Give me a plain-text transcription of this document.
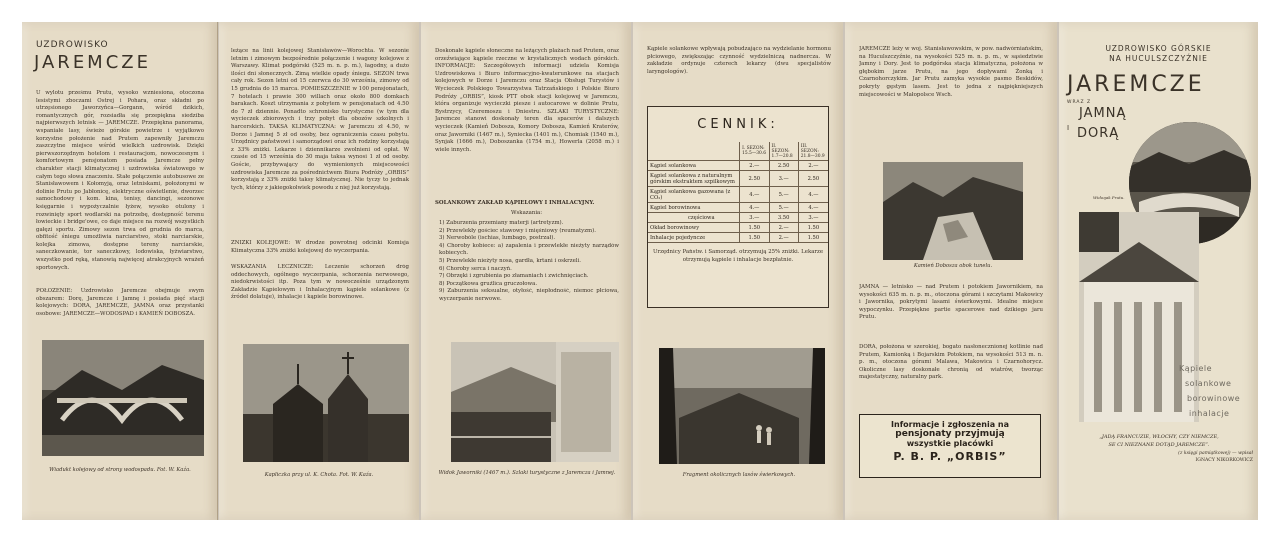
UZDROWISKO
JAREMCZE
U wylotu prześmu Prutu, wysoko wzniesiona, otoczona lesistymi zboczami Ostrej i Pohara, oraz składni po utrzęsionego Jaworzyńca—Gorgann, wśród dzikich, romantycznych gór, rozsiadła się przepiękna siedziba najpierwszych letnisk — JAREMCZE. Przepiękna panorama, wspaniałe lasy, świeże górskie powietrze i wyjątkowo korzystne położenie nad Prutem zapewniły Jaremczu zaszczytne miejsce wśród wielkich uzdrowisk. Dzięki pierwszorzędnym hotelom i restauracjom, nowoczesnym i komfortowym pensjonatom posiada Jaremcze pełny charakter stacji klimatycznej i uzdrowiska światowego w całym tego słowa znaczeniu. Stałe połączenie autobusowe ze Stanisławowem i Kołomyją, oraz letniskami, położonymi w dolinie Prutu po Jabłonicę, elektryczne oświetlenie, dworzec samochodowy i kom. kina, tenisy, dancingi, sezonowe księgarnie i wypożyczalnie łyżew, wysoko otulony i rozwinięty sport wodlarski na potrzebę, dostępność terenu łowieckie i bridge'owe, co daje miejsce na rozwój wszystkich gałęzi sportu. Zimowy sezon trwa od grudnia do marca, obfitość śniegu umożliwia narciarstwo, stoki narciarskie, kolejka zimowa, dostępne tereny narciarskie, saneczkowanie, tor saneczkowy, lodowiska, łyżwiarstwo, wszystko pod ręką, stanowią najwięcej atrakcyjnych wrażeń sportowych.
POŁOŻENIE: Uzdrowisko Jaremcze obejmuje swym obszarem: Dorę, Jaremcze i Jamnę i posiada pięć stacji kolejowych: DORA, JAREMCZE, JAMNA oraz przystanki osobowe: JAREMCZE—WODOSPAD i KAMIEŃ DOBOSZA.
Wiadukt kolejowy od strony wodospadu. Fot. W. Kaźa.
leżące na linii kolejowej Stanisławów—Worochta. W sezonie letnim i zimowym bezpośrednie połączenie i wagony kolejowe z Warszawy. Klimat podgórski (525 m. n. p. m.), łagodny, a dużo ilości dni słonecznych. Zimą wielkie opady śniegu. SEZON trwa cały rok. Sezon letni od 15 czerwca do 30 września, zimowy od 15 grudnia do 15 marca. POMIESZCZENIE w 100 pensjonatach, 7 hotelach i prawie 300 willach oraz około 800 domkach barakach. Koszt utrzymania z pobytem w pensjonatach od 4.50 do 7 zł dziennie. Ponadto schronisko turystyczne (w tym dla wycieczek zbiorowych i trzy pobyt dla obozów szkolnych i harcerskich. TAKSA KLIMATYCZNA: w Jaremczu zł 4.50, w Dorze i Jamnej 5 zł od osoby, bez ograniczenia czasu pobytu. Urzędnicy państwowi i samorządowi oraz ich rodziny korzystają z 33% zniżki. Lekarze i dziennikarze zwolnieni od opłat. W czasie od 15 września do 30 maja taksa wynosi 1 zł od osoby. Goście, przybywający do wymienionych miejscowości uzdrowiska Jaremcze za pośrednictwem Biura Podróży „ORBIS” korzystają z 33% zniżki taksy klimatycznej. Nie tyczy to jednak tych, którzy z jakiegokolwiek powodu z niej już korzystają.
ZNIŻKI KOLEJOWE: W drodze powrotnej odcinki Komisja Klimatyczna 33% zniżki kolejowej do wyczerpania.
WSKAZANIA LECZNICZE: Leczenie schorzeń dróg oddechowych, ogólnego wyczerpania, schorzenia nerwowego, niedokrwistości itp. Poza tym w nowocześnie urządzonym Zakładzie Kąpielowym i Inhalacyjnym kąpiele solankowe (z źródeł dolatuje), inhalacje i kąpiele borowinowe.
Kapliczka przy ul. K. Chota. Fot. W. Kaźa.
Doskonałe kąpiele słoneczne na leżących plażach nad Prutem, oraz orzeźwiające kąpiele rzeczne w krystalicznych wodach górskich. INFORMACJE: Szczegółowych informacji udziela Komisja Uzdrowiskowa i Biuro informacyjno-kwaterunkowe na stacjach kolejowych w Dorze i Jaremczu oraz Stacja Obsługi Turystów i Wycieczek Polskiego Towarzystwa Tatrzańskiego i Polskie Biuro Podróży „ORBIS”, kiosk PTT obok stacji kolejowej w Jaremczu, która organizuje wycieczki piesze i autocarowe w dolinie Prutu, Bystrzycy, Czeremoszu i Dniestru. SZLAKI TURYSTYCZNE: Jaremcze stanowi doskonały teren dla spacerów i dalszych wycieczek (Kamień Dobosza, Komory Dobosza, Kamień Kraterów, oraz Jaworniki (1467 m.), Syniecka (1401 m.), Chomiak (1540 m.), Synjak (1666 m.), Doboszanka (1754 m.), Howerla (2058 m.) i wiele innych.
SOLANKOWY ZAKŁAD KĄPIELOWY I INHALACYJNY.
Wskazania:
1) Zaburzenia przemiany materji (artretyzm).
2) Przewlekły gościec stawowy i mięśniowy (reumatyzm).
3) Nerwobóle (ischias, lumbago, postrzał).
4) Choroby kobiece: a) zapalenia i przewlekłe nieżyty narządów kobiecych.
5) Przewlekłe nieżyty nosa, gardła, krtani i oskrzeli.
6) Choroby serca i naczyń.
7) Obrzęki i zgrubienia po złamaniach i zwichnięciach.
8) Początkowa gruźlica gruczołowa.
9) Zaburzenia seksualne, otyłość, niepłodność, niemoc płciowa, wyczerpanie nerwowe.
Widok Jaworniki (1467 m.). Szlaki turystyczne z Jaremcza i Jamnej.
Kąpiele solankowe wpływają pobudzająco na wydzielanie hormonu płciowego, zwiększając czynność wydzielniczą nadnercza. W zakładzie ordynuje czterech lekarzy (dwu specjalistów laryngologów).
CENNIK:
	I. SEZON: 15.5—30.6	II. SEZON: 1.7—20.8	III. SEZON: 21.8—30.9
Kąpiel solankowa	2.—	2.50	2.—
Kąpiel solankowa z naturalnym górskim ekstraktem szpilkowym	2.50	3.—	2.50
Kąpiel solankowa gazowana (z CO₂)	4.—	5.—	4.—
Kąpiel borowinowa	4.—	5.—	4.—
częściowa	3.—	3.50	3.—
Okład borowinowy	1.50	2.—	1.50
Inhalacje pojedyncze	1.50	2.—	1.50
Urzędnicy Państw. i Samorząd. otrzymują 25% zniżki. Lekarze otrzymują kąpiele i inhalacje bezpłatnie.
Fragment okolicznych lasów świerkowych.
JAREMCZE leży w woj. Stanisławowskim, w pow. nadwórniańskim, na Huculszczyźnie, na wysokości 525 m. n. p. m., w sąsiedztwie Jamny i Dory. Jest to podgórska stacja klimatyczna, położona w głębokim jarze Prutu, na jego dopływami Żonką i Czarnohorczykim. Jar Prutu zamyka wysokie pasmo Beskidów, pokryty gęstym lasem. Jest to jedna z najpiękniejszych miejscowości w Małopolsce Wsch.
Kamień Dobosza obok tunelu.
JAMNA — letnisko — nad Prutem i potokiem Jawornikiem, na wysokości 635 m. n. p. m., otoczona górami i szczytami Makowicy i Jawornika, pokrytymi lasami świerkowymi. Idealne miejsce wypoczynku. Przepiękne partie spacerowe nad dzikiego jaru Prutu.
DORA, położona w szerokiej, bogato nasłonecznionej kotlinie nad Prutem, Kamionką i Bojarskim Potokiem, na wysokości 513 m. n. p. m., otoczona górami Malawa, Makowica i Czarnohorycz. Okoliczne lasy doskonałe chronią od wiatrów, tworząc majestatyczny, naturalny park.
Informacje i zgłoszenia na
pensjonaty przyjmują
wszystkie placówki
P. B. P. „ORBIS”
UZDROWISKO GÓRSKIE
NA HUCULSZCZYŹNIE
JAREMCZE
WRAZ Z
JAMNĄ
I DORĄ
Widoqak Prutu.
Kąpiele
solankowe
borowinowe
inhalacje
„JADĄ FRANCUZIE, WŁOCHY, CZY NIEMCZE,
SE CI NIEZNANE DOTĄD JAREMCZE”.
(z księgi pamiątkowej) — wpisał
IGNACY NIKORKOWICZ
